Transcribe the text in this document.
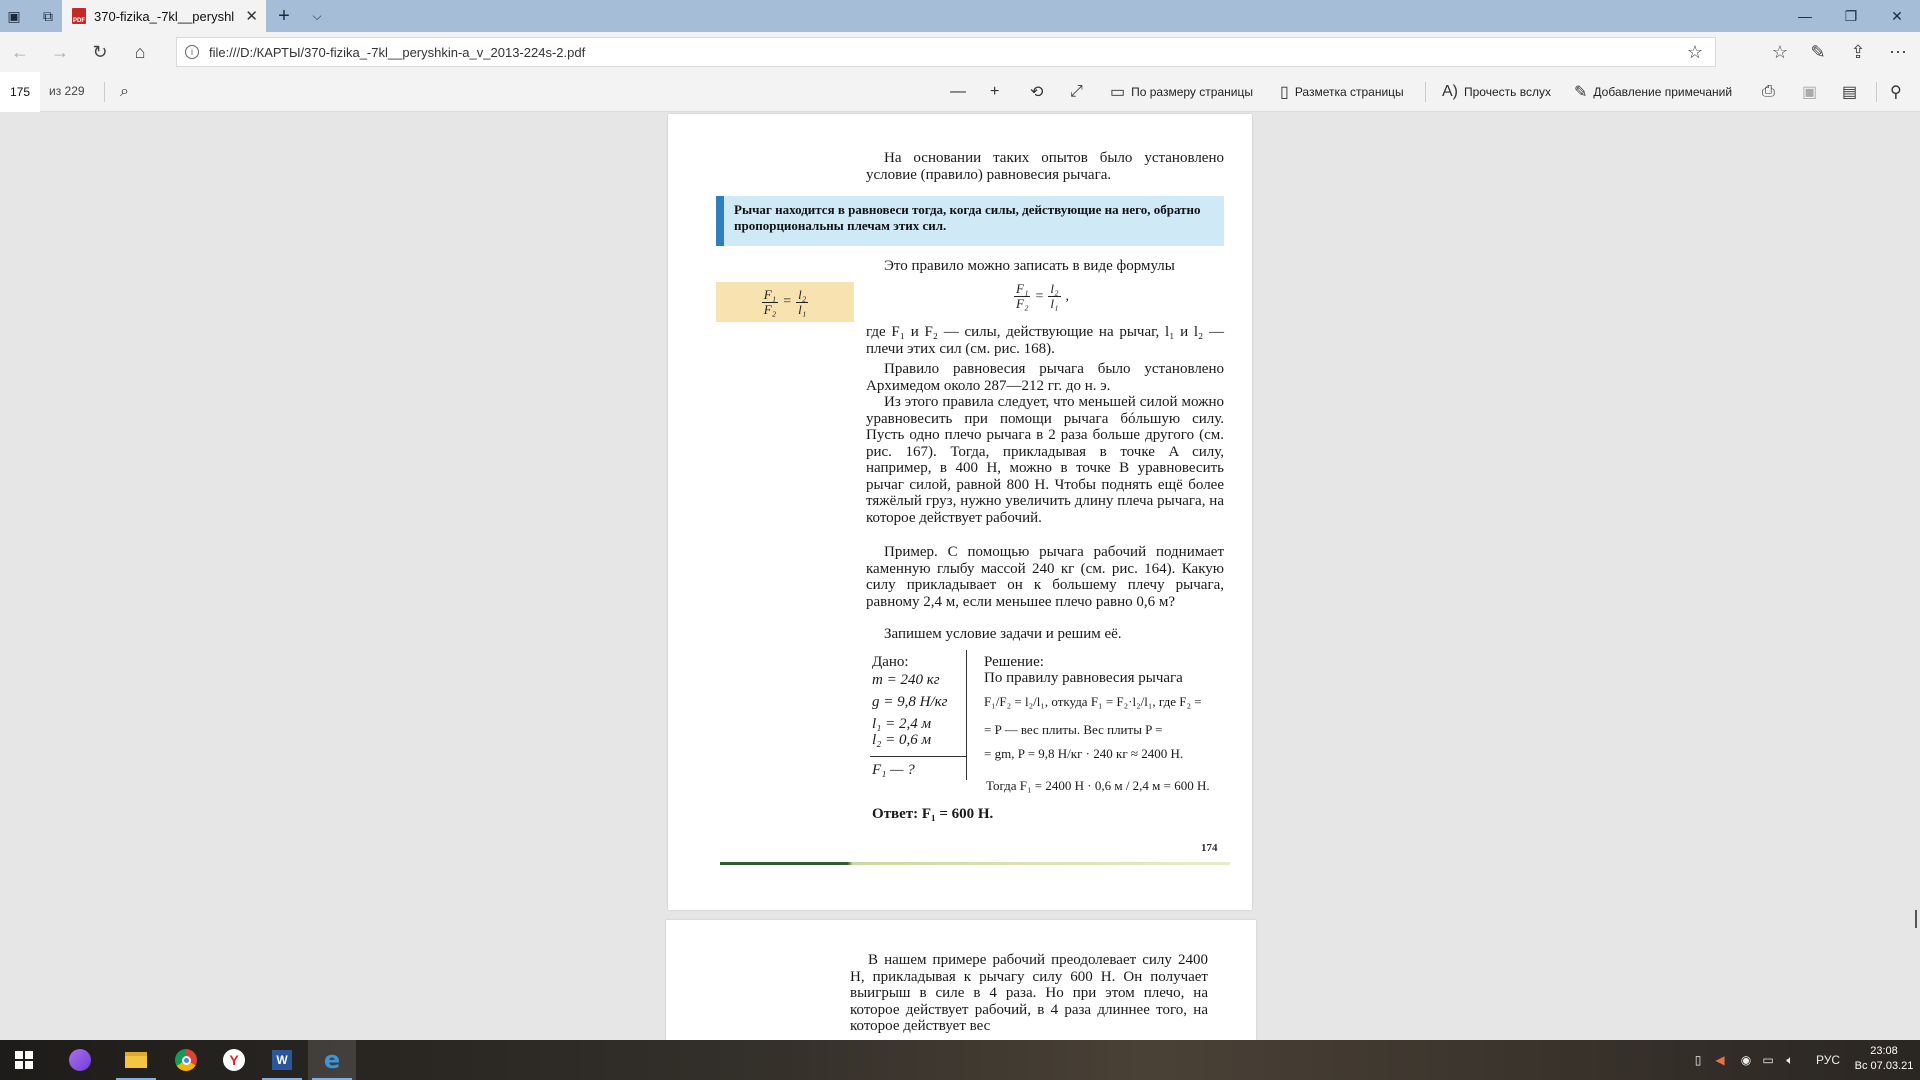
▣	⧉	PDF 370-fizika_-7kl__peryshl ✕	+	⌵	—	❐	✕
←	→	↻	⌂	i	file:///D:/КАРТЫ/370-fizika_-7kl__peryshkin-a_v_2013-224s-2.pdf	☆	☆	✎	⇪	⋯
175	из 229 ⌕	— + ⟲ ⤢ ▭ По размеру страницы ▯ Разметка страницы A) Прочесть вслух ✎ Добавление примечаний ⎙ ▣ ▤ ⚲
На основании таких опытов было установлено условие (правило) равновесия рычага.
Рычаг находится в равновеси тогда, когда силы, действующие на него, обратно пропорциональны плечам этих сил.
Это правило можно записать в виде формулы
$\frac{\text{F₁}}{\text{F₂}} = \frac{\text{l₂}}{\text{l₁}}$	$\frac{\text{F₁}}{\text{F₂}} = \frac{\text{l₂}}{\text{l₁}}$ ,
где F₁ и F₂ — силы, действующие на рычаг, l₁ и l₂ — плечи этих сил (см. рис. 168).
Правило равновесия рычага было установлено Архимедом около 287—212 гг. до н. э.
Из этого правила следует, что меньшей силой можно уравновесить при помощи рычага бóльшую силу. Пусть одно плечо рычага в 2 раза больше другого (см. рис. 167). Тогда, прикладывая в точке A силу, например, в 400 Н, можно в точке B уравновесить рычаг силой, равной 800 Н. Чтобы поднять ещё более тяжёлый груз, нужно увеличить длину плеча рычага, на которое действует рабочий.
Пример. С помощью рычага рабочий поднимает каменную глыбу массой 240 кг (см. рис. 164). Какую силу прикладывает он к большему плечу рычага, равному 2,4 м, если меньшее плечо равно 0,6 м?
Запишем условие задачи и решим её.
Дано:
m = 240 кг
g = 9,8 Н/кг
l₁ = 2,4 м
l₂ = 0,6 м
F₁ — ?
Решение:
По правилу равновесия рычага
F₁/F₂ = l₂/l₁, откуда F₁ = F₂·l₂/l₁, где F₂ =
= P — вес плиты. Вес плиты P =
= gm, P = 9,8 Н/кг · 240 кг ≈ 2400 Н.
Тогда F₁ = 2400 Н · 0,6 м / 2,4 м = 600 Н.
Ответ: F₁ = 600 Н.
174
В нашем примере рабочий преодолевает силу 2400 Н, прикладывая к рычагу силу 600 Н. Он получает выигрыш в силе в 4 раза. Но при этом плечо, на которое действует рабочий, в 4 раза длиннее того, на которое действует вес
Y	W e	▯	◀	◉ ▭	🔈︎	РУС
23:08
Вс 07.03.21
